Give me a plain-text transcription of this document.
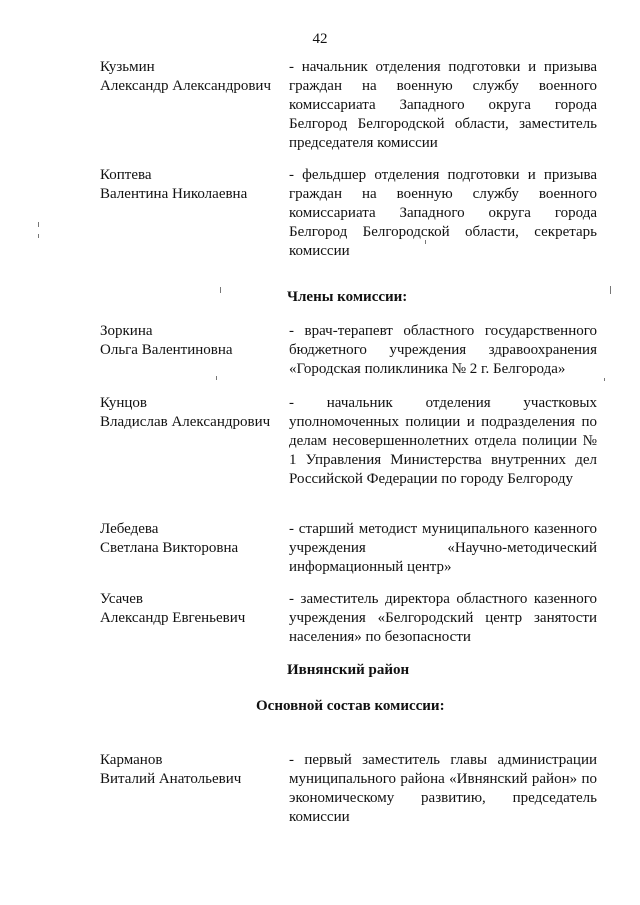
42
Кузьмин
Александр Александрович
- начальник отделения подготовки и призыва граждан на военную службу военного комиссариата Западного округа города Белгород Белгородской области, заместитель председателя комиссии
Коптева
Валентина Николаевна
- фельдшер отделения подготовки и призыва граждан на военную службу военного комиссариата Западного округа города Белгород Белгородской области, секретарь комиссии
Члены комиссии:
Зоркина
Ольга Валентиновна
- врач-терапевт областного государственного бюджетного учреждения здравоохранения «Городская поликлиника № 2 г. Белгорода»
Кунцов
Владислав Александрович
- начальник отделения участковых уполномоченных полиции и подразделения по делам несовершеннолетних отдела полиции № 1 Управления Министерства внутренних дел Российской Федерации по городу Белгороду
Лебедева
Светлана Викторовна
- старший методист муниципального казенного учреждения «Научно-методический информационный центр»
Усачев
Александр Евгеньевич
- заместитель директора областного казенного учреждения «Белгородский центр занятости населения» по безопасности
Ивнянский район
Основной состав комиссии:
Карманов
Виталий Анатольевич
- первый заместитель главы администрации муниципального района «Ивнянский район» по экономическому развитию, председатель комиссии
